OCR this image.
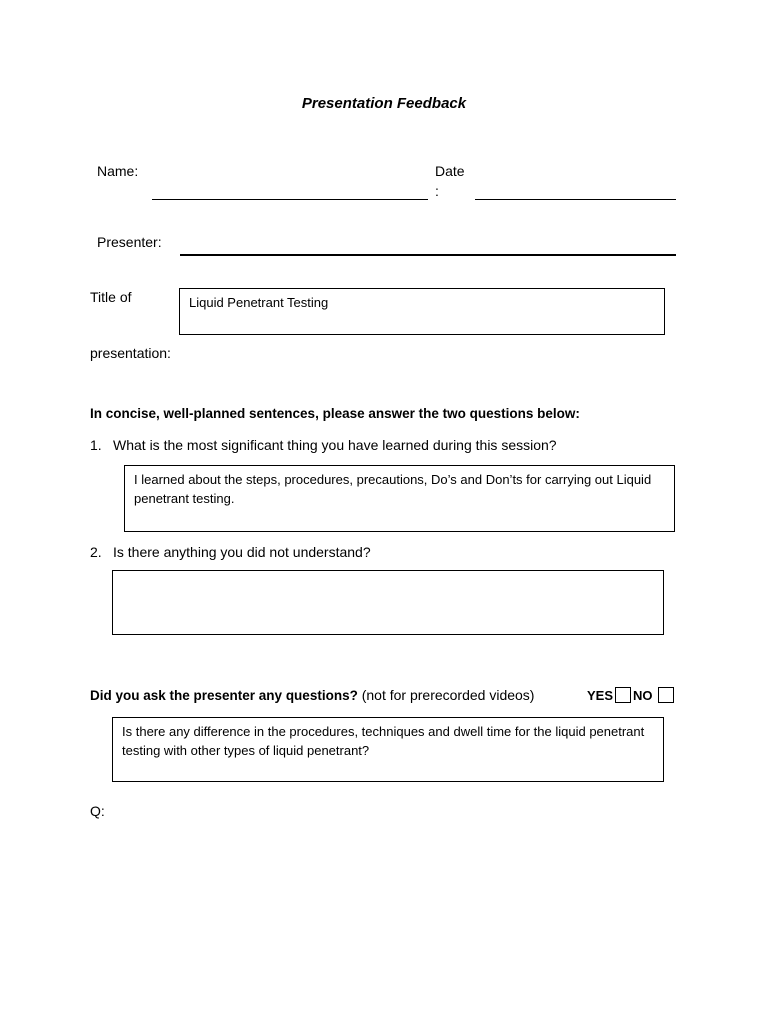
Presentation Feedback
Name:	Date
:
Presenter:
Title of	Liquid Penetrant Testing
presentation:
In concise, well-planned sentences, please answer the two questions below:
1. What is the most significant thing you have learned during this session?
I learned about the steps, procedures, precautions, Do’s and Don’ts for carrying out Liquid penetrant testing.
2. Is there anything you did not understand?
Did you ask the presenter any questions? (not for prerecorded videos)	YES NO
Is there any difference in the procedures, techniques and dwell time for the liquid penetrant testing with other types of liquid penetrant?
Q:
